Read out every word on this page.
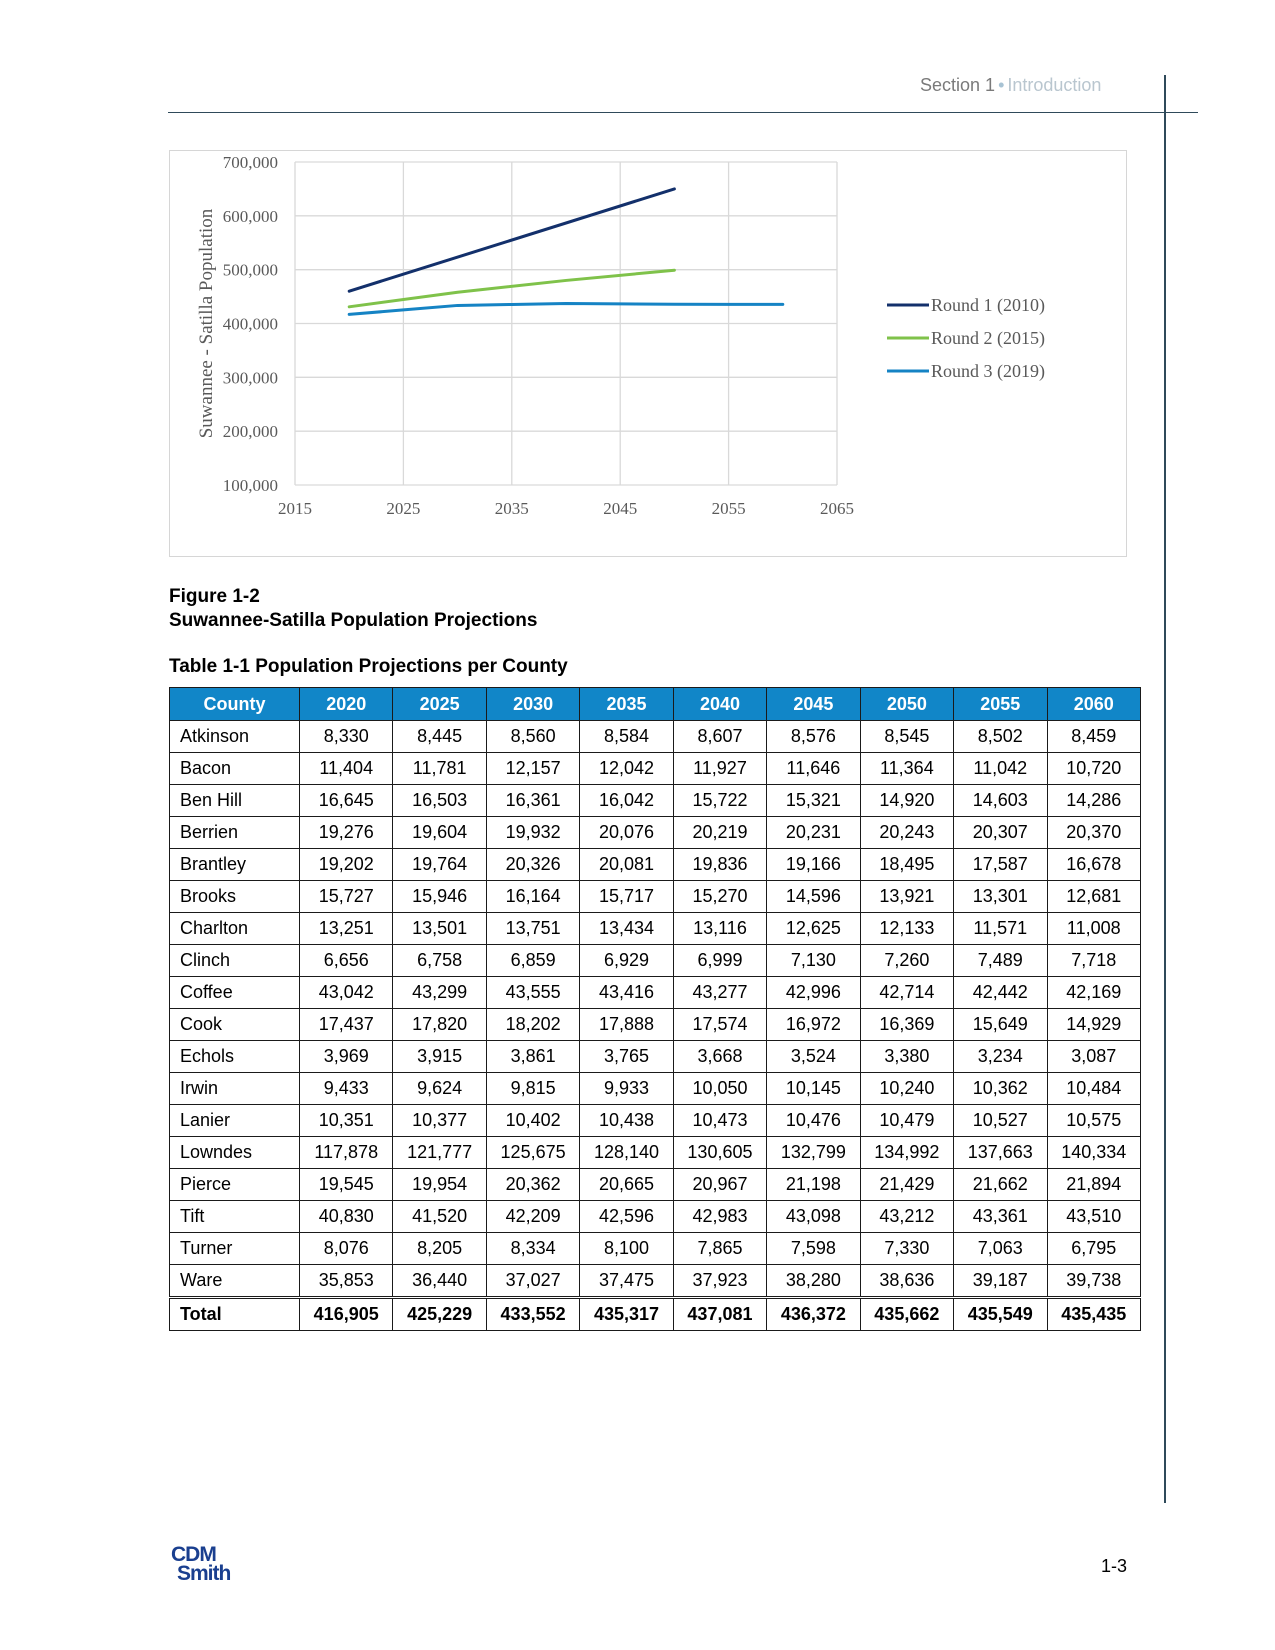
Section 1 • Introduction
100,000
200,000
300,000
400,000
500,000
600,000
700,000
2015	2025	2035	2045	2055	2065
Suwannee - Satilla Population	Round 1 (2010)
Round 2 (2015)
Round 3 (2019)
Figure 1-2
Suwannee-Satilla Population Projections
Table 1-1 Population Projections per County
County	2020	2025	2030	2035	2040	2045	2050	2055	2060
Atkinson	8,330	8,445	8,560	8,584	8,607	8,576	8,545	8,502	8,459
Bacon	11,404	11,781	12,157	12,042	11,927	11,646	11,364	11,042	10,720
Ben Hill	16,645	16,503	16,361	16,042	15,722	15,321	14,920	14,603	14,286
Berrien	19,276	19,604	19,932	20,076	20,219	20,231	20,243	20,307	20,370
Brantley	19,202	19,764	20,326	20,081	19,836	19,166	18,495	17,587	16,678
Brooks	15,727	15,946	16,164	15,717	15,270	14,596	13,921	13,301	12,681
Charlton	13,251	13,501	13,751	13,434	13,116	12,625	12,133	11,571	11,008
Clinch	6,656	6,758	6,859	6,929	6,999	7,130	7,260	7,489	7,718
Coffee	43,042	43,299	43,555	43,416	43,277	42,996	42,714	42,442	42,169
Cook	17,437	17,820	18,202	17,888	17,574	16,972	16,369	15,649	14,929
Echols	3,969	3,915	3,861	3,765	3,668	3,524	3,380	3,234	3,087
Irwin	9,433	9,624	9,815	9,933	10,050	10,145	10,240	10,362	10,484
Lanier	10,351	10,377	10,402	10,438	10,473	10,476	10,479	10,527	10,575
Lowndes	117,878	121,777	125,675	128,140	130,605	132,799	134,992	137,663	140,334
Pierce	19,545	19,954	20,362	20,665	20,967	21,198	21,429	21,662	21,894
Tift	40,830	41,520	42,209	42,596	42,983	43,098	43,212	43,361	43,510
Turner	8,076	8,205	8,334	8,100	7,865	7,598	7,330	7,063	6,795
Ware	35,853	36,440	37,027	37,475	37,923	38,280	38,636	39,187	39,738
Total	416,905	425,229	433,552	435,317	437,081	436,372	435,662	435,549	435,435
CDM
Smith	1-3
